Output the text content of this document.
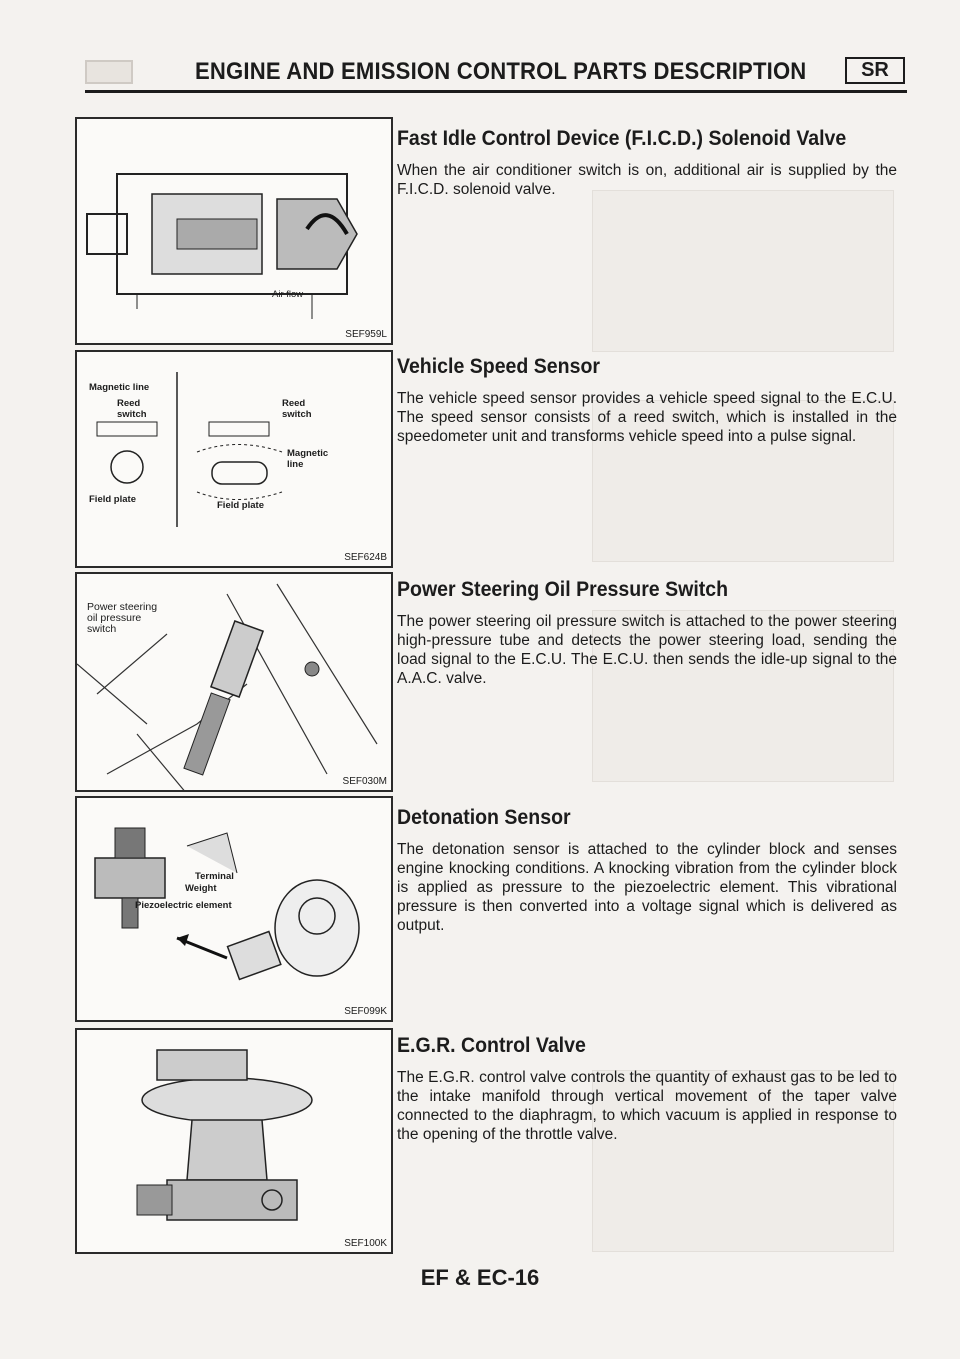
ENGINE AND EMISSION CONTROL PARTS DESCRIPTION	SR
Air flow
SEF959L
Magnetic line
Reed switch
Reed switch
Magnetic line
Field plate
Field plate
SEF624B
Power steering oil pressure switch
SEF030M
Terminal
Weight
Piezoelectric element
SEF099K
SEF100K
Fast Idle Control Device (F.I.C.D.) Solenoid Valve

When the air conditioner switch is on, additional air is supplied by the F.I.C.D. solenoid valve.

Vehicle Speed Sensor

The vehicle speed sensor provides a vehicle speed signal to the E.C.U. The speed sensor consists of a reed switch, which is installed in the speedometer unit and transforms vehicle speed into a pulse signal.

Power Steering Oil Pressure Switch

The power steering oil pressure switch is attached to the power steering high-pressure tube and detects the power steering load, sending the load signal to the E.C.U. The E.C.U. then sends the idle-up signal to the A.A.C. valve.

Detonation Sensor

The detonation sensor is attached to the cylinder block and senses engine knocking conditions. A knocking vibration from the cylinder block is applied as pressure to the piezoelectric element. This vibrational pressure is then converted into a voltage signal which is delivered as output.

E.G.R. Control Valve

The E.G.R. control valve controls the quantity of exhaust gas to be led to the intake manifold through vertical movement of the taper valve connected to the diaphragm, to which vacuum is applied in response to the opening of the throttle valve.

EF & EC-16
